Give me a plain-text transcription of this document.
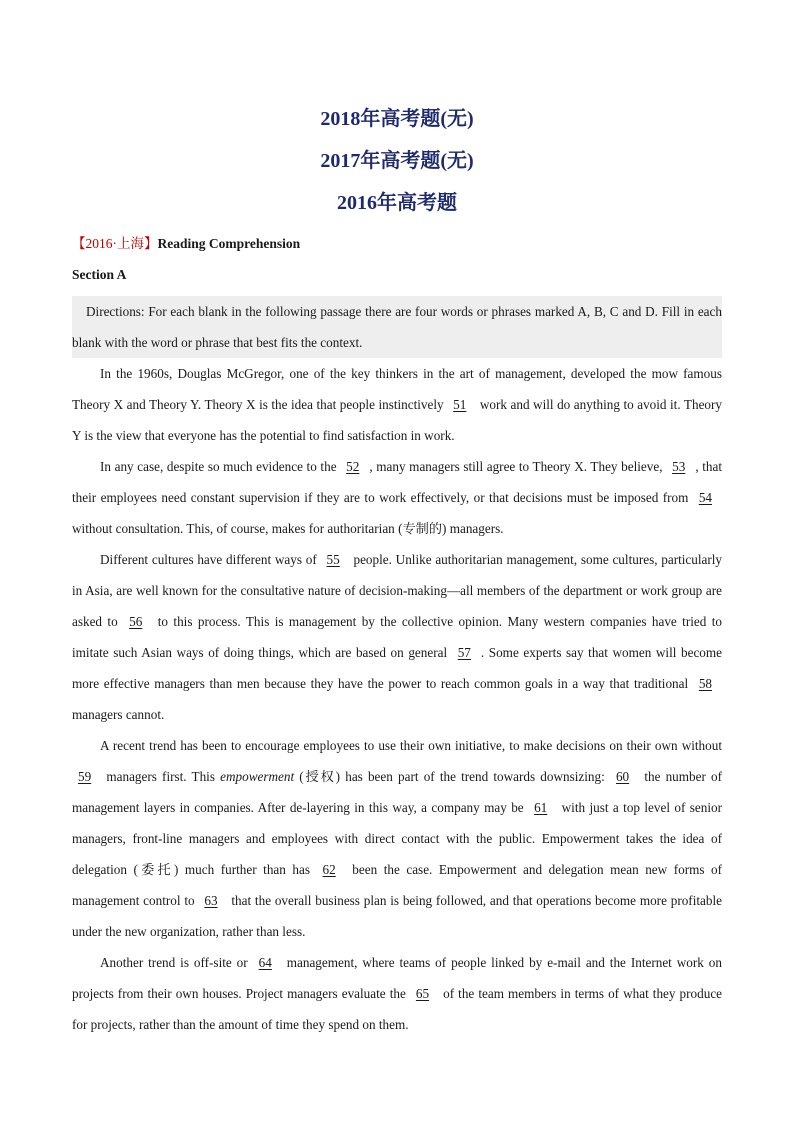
2018年高考题(无)
2017年高考题(无)
2016年高考题
【2016·上海】Reading Comprehension
Section A
Directions: For each blank in the following passage there are four words or phrases marked A, B, C and D. Fill in each blank with the word or phrase that best fits the context.

In the 1960s, Douglas McGregor, one of the key thinkers in the art of management, developed the mow famous Theory X and Theory Y. Theory X is the idea that people instinctively 51 work and will do anything to avoid it. Theory Y is the view that everyone has the potential to find satisfaction in work.

In any case, despite so much evidence to the 52 , many managers still agree to Theory X. They believe, 53 , that their employees need constant supervision if they are to work effectively, or that decisions must be imposed from 54 without consultation. This, of course, makes for authoritarian (专制的) managers.

Different cultures have different ways of 55 people. Unlike authoritarian management, some cultures, particularly in Asia, are well known for the consultative nature of decision-making—all members of the department or work group are asked to 56 to this process. This is management by the collective opinion. Many western companies have tried to imitate such Asian ways of doing things, which are based on general 57 . Some experts say that women will become more effective managers than men because they have the power to reach common goals in a way that traditional 58 managers cannot.

A recent trend has been to encourage employees to use their own initiative, to make decisions on their own without 59 managers first. This empowerment (授权) has been part of the trend towards downsizing: 60 the number of management layers in companies. After de-layering in this way, a company may be 61 with just a top level of senior managers, front-line managers and employees with direct contact with the public. Empowerment takes the idea of delegation (委托) much further than has 62 been the case. Empowerment and delegation mean new forms of management control to 63 that the overall business plan is being followed, and that operations become more profitable under the new organization, rather than less.

Another trend is off-site or 64 management, where teams of people linked by e-mail and the Internet work on projects from their own houses. Project managers evaluate the 65 of the team members in terms of what they produce for projects, rather than the amount of time they spend on them.
